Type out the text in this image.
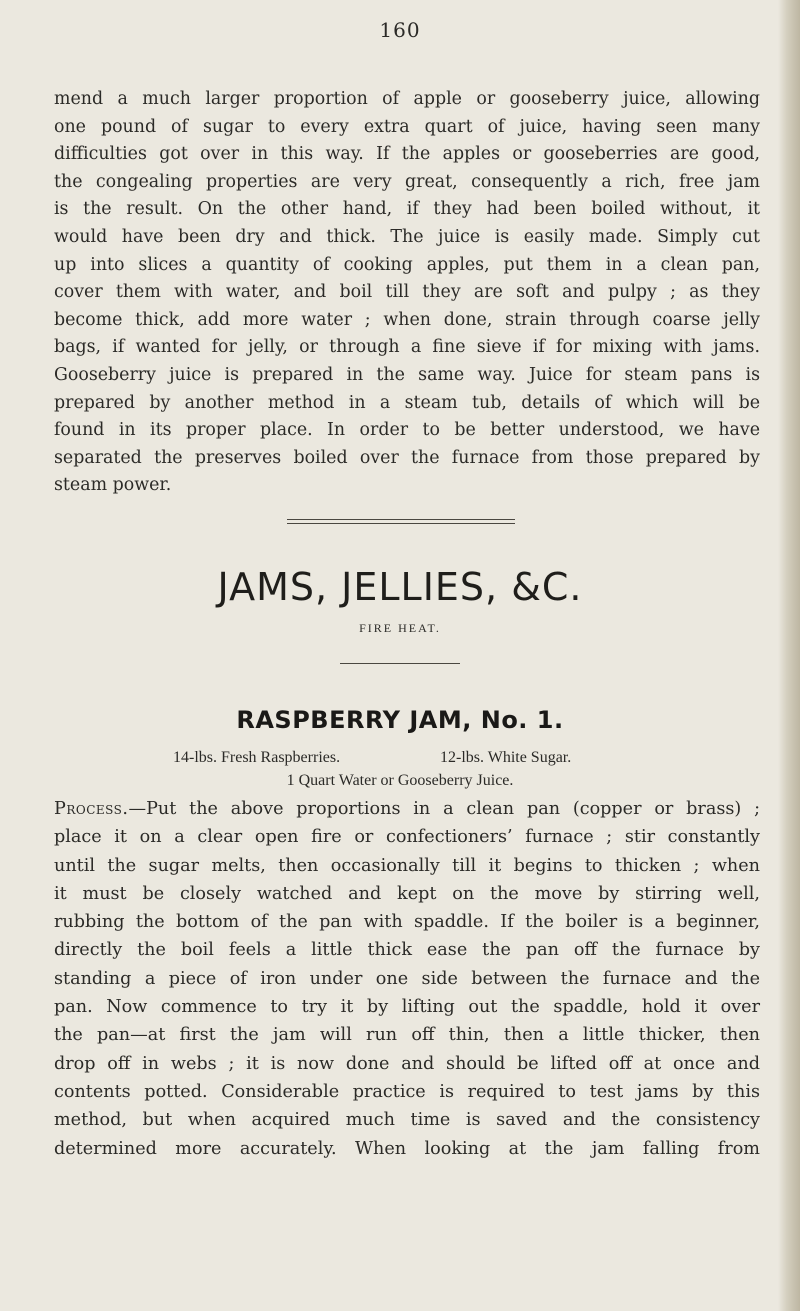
160
mend a much larger proportion of apple or gooseberry juice, allowing
one pound of sugar to every extra quart of juice, having seen many
difficulties got over in this way. If the apples or gooseberries are good,
the congealing properties are very great, consequently a rich, free jam
is the result. On the other hand, if they had been boiled without, it
would have been dry and thick. The juice is easily made. Simply cut
up into slices a quantity of cooking apples, put them in a clean pan,
cover them with water, and boil till they are soft and pulpy ; as they
become thick, add more water ; when done, strain through coarse jelly
bags, if wanted for jelly, or through a fine sieve if for mixing with jams.
Gooseberry juice is prepared in the same way. Juice for steam pans is
prepared by another method in a steam tub, details of which will be
found in its proper place. In order to be better understood, we have
separated the preserves boiled over the furnace from those prepared by
steam power.
JAMS, JELLIES, &C.
FIRE HEAT.
RASPBERRY JAM, No. 1.
14-lbs. Fresh Raspberries.	12-lbs. White Sugar.
1 Quart Water or Gooseberry Juice.
Process.—Put the above proportions in a clean pan (copper or brass) ;
place it on a clear open fire or confectioners’ furnace ; stir constantly
until the sugar melts, then occasionally till it begins to thicken ; when
it must be closely watched and kept on the move by stirring well,
rubbing the bottom of the pan with spaddle. If the boiler is a beginner,
directly the boil feels a little thick ease the pan off the furnace by
standing a piece of iron under one side between the furnace and the
pan. Now commence to try it by lifting out the spaddle, hold it over
the pan—at first the jam will run off thin, then a little thicker, then
drop off in webs ; it is now done and should be lifted off at once and
contents potted. Considerable practice is required to test jams by this
method, but when acquired much time is saved and the consistency
determined more accurately. When looking at the jam falling from
